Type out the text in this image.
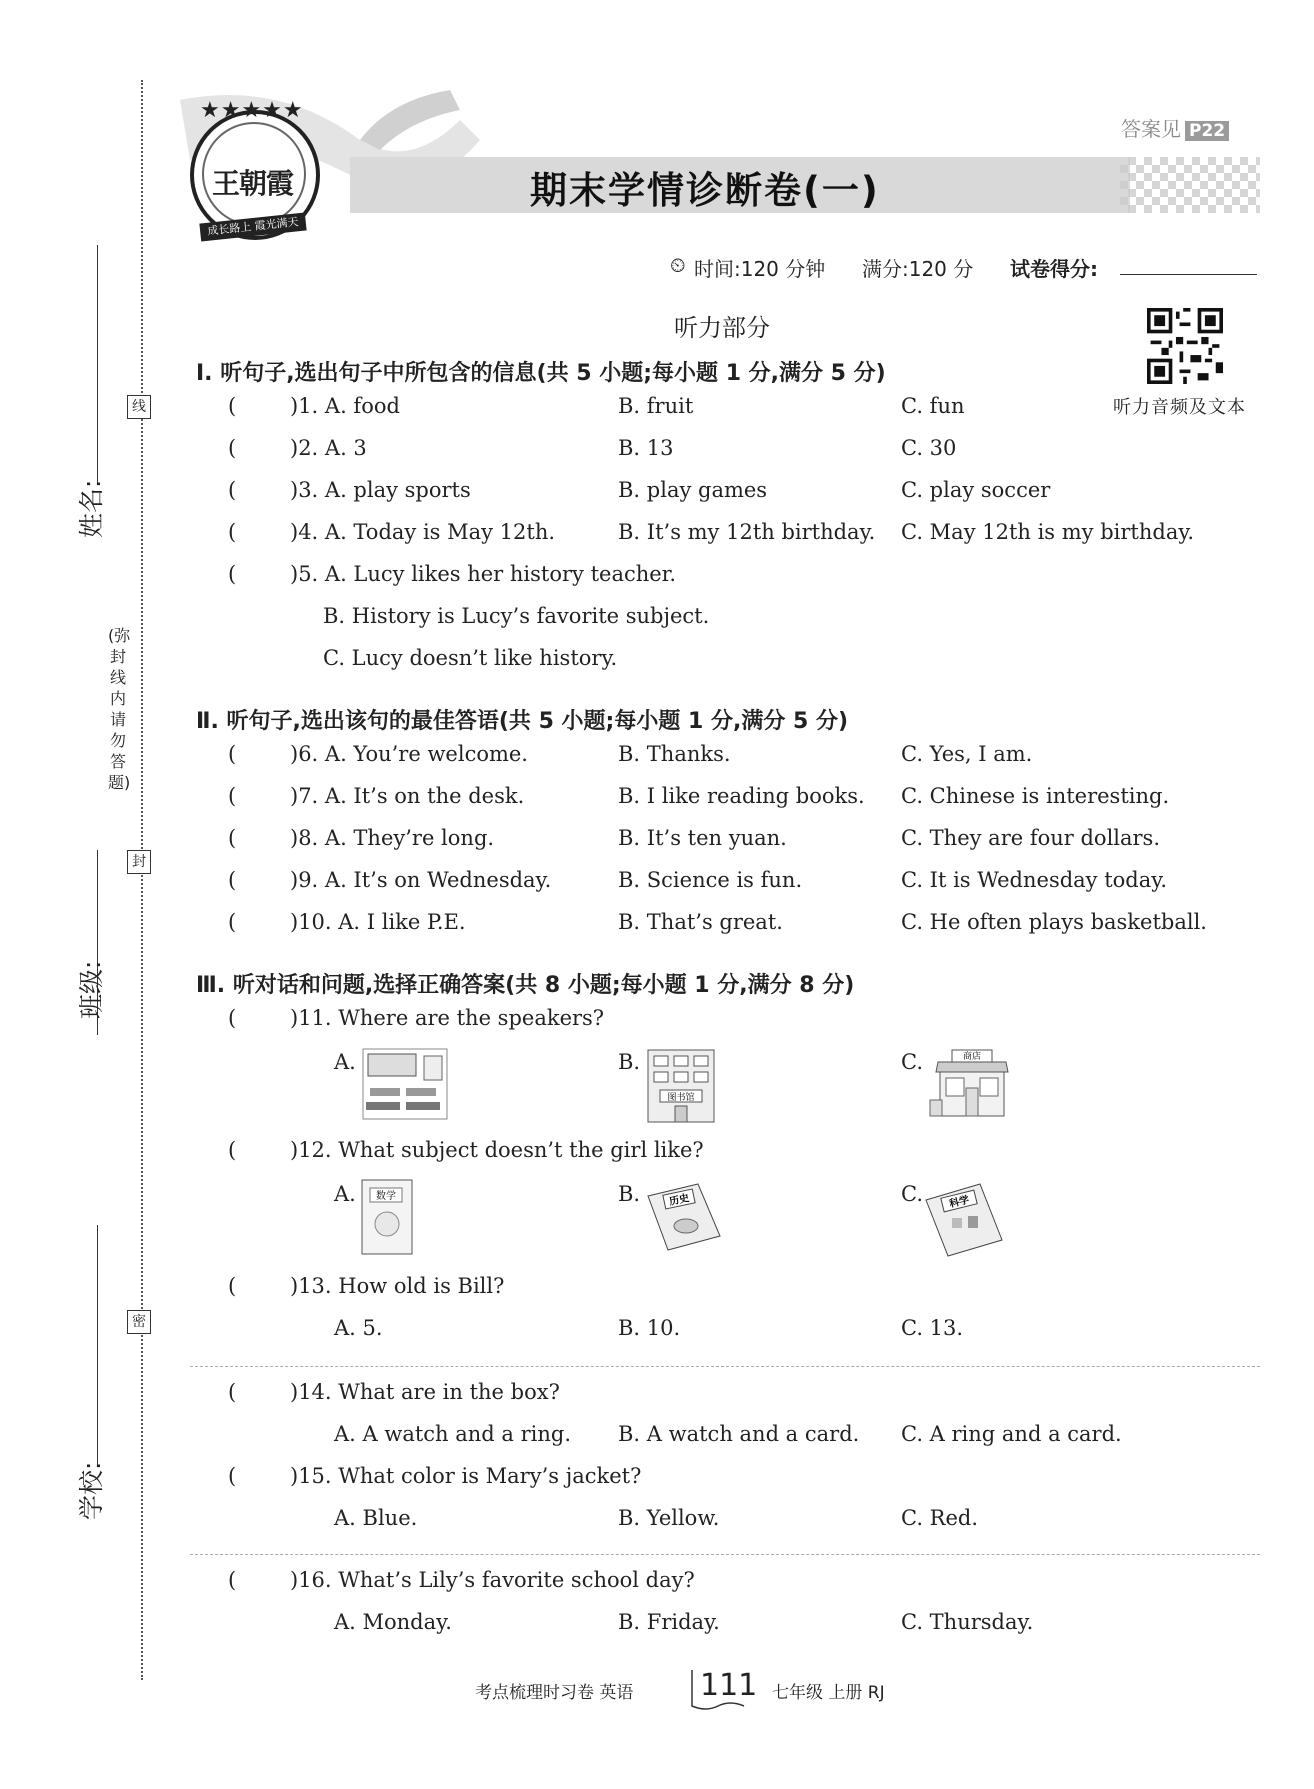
姓名:
班级:
学校:
线
封
密
(弥封线内请勿答题)
王朝霞
★★★★★
成长路上 霞光满天
期末学情诊断卷(一)
答案见 P22
⏲ 时间:120 分钟 满分:120 分 试卷得分:
听力部分
听力音频及文本
Ⅰ. 听句子,选出句子中所包含的信息(共 5 小题;每小题 1 分,满分 5 分)
(	)1. A. food	B. fruit	C. fun
(	)2. A. 3	B. 13	C. 30
(	)3. A. play sports	B. play games	C. play soccer
(	)4. A. Today is May 12th.	B. It’s my 12th birthday. C. May 12th is my birthday.
(	)5. A. Lucy likes her history teacher.
B. History is Lucy’s favorite subject.
C. Lucy doesn’t like history.
Ⅱ. 听句子,选出该句的最佳答语(共 5 小题;每小题 1 分,满分 5 分)
(	)6. A. You’re welcome.	B. Thanks.	C. Yes, I am.
(	)7. A. It’s on the desk.	B. I like reading books. C. Chinese is interesting.
(	)8. A. They’re long.	B. It’s ten yuan.	C. They are four dollars.
(	)9. A. It’s on Wednesday.	B. Science is fun.	C. It is Wednesday today.
(	)10. A. I like P.E.	B. That’s great.	C. He often plays basketball.
Ⅲ. 听对话和问题,选择正确答案(共 8 小题;每小题 1 分,满分 8 分)
(	)11. Where are the speakers?
A.	B.	C.
图书馆
商店
(	)12. What subject doesn’t the girl like?
A.	B.	C.
数学	历史	科学
(	)13. How old is Bill?
A. 5.	B. 10.	C. 13.
(	)14. What are in the box?
A. A watch and a ring. B. A watch and a card. C. A ring and a card.
(	)15. What color is Mary’s jacket?
A. Blue.	B. Yellow.	C. Red.
(	)16. What’s Lily’s favorite school day?
A. Monday.	B. Friday.	C. Thursday.
考点梳理时习卷 英语 111 七年级 上册 RJ
